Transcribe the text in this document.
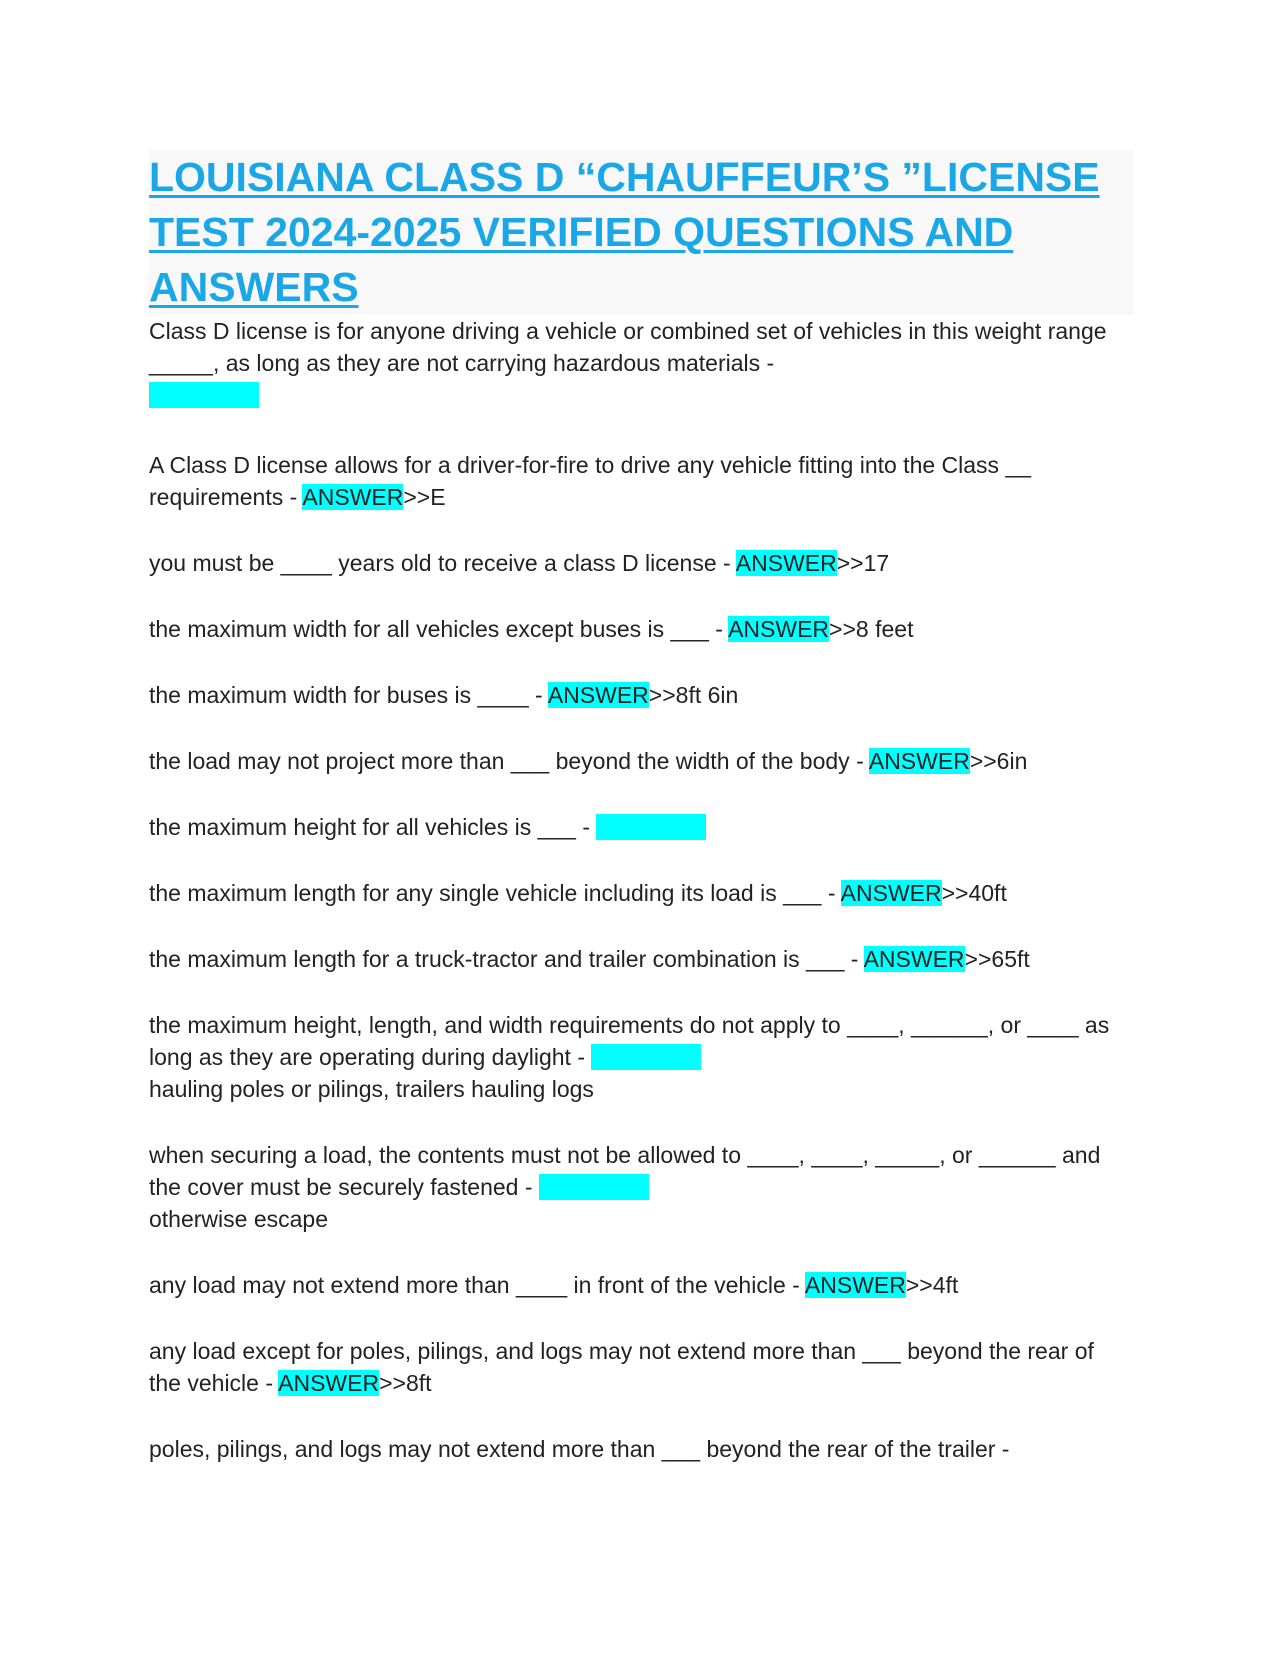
LOUISIANA CLASS D “CHAUFFEUR’S ”LICENSE TEST 2024-2025 VERIFIED QUESTIONS AND ANSWERS

Class D license is for anyone driving a vehicle or combined set of vehicles in this weight range _____, as long as they are not carrying hazardous materials -

A Class D license allows for a driver-for-fire to drive any vehicle fitting into the Class __ requirements - ANSWER>>E

you must be ____ years old to receive a class D license - ANSWER>>17

the maximum width for all vehicles except buses is ___ - ANSWER>>8 feet

the maximum width for buses is ____ - ANSWER>>8ft 6in

the load may not project more than ___ beyond the width of the body - ANSWER>>6in

the maximum height for all vehicles is ___ -

the maximum length for any single vehicle including its load is ___ - ANSWER>>40ft

the maximum length for a truck-tractor and trailer combination is ___ - ANSWER>>65ft

the maximum height, length, and width requirements do not apply to ____, ______, or ____ as long as they are operating during daylight -
hauling poles or pilings, trailers hauling logs

when securing a load, the contents must not be allowed to ____, ____, _____, or ______ and the cover must be securely fastened -
otherwise escape

any load may not extend more than ____ in front of the vehicle - ANSWER>>4ft

any load except for poles, pilings, and logs may not extend more than ___ beyond the rear of the vehicle - ANSWER>>8ft

poles, pilings, and logs may not extend more than ___ beyond the rear of the trailer -
